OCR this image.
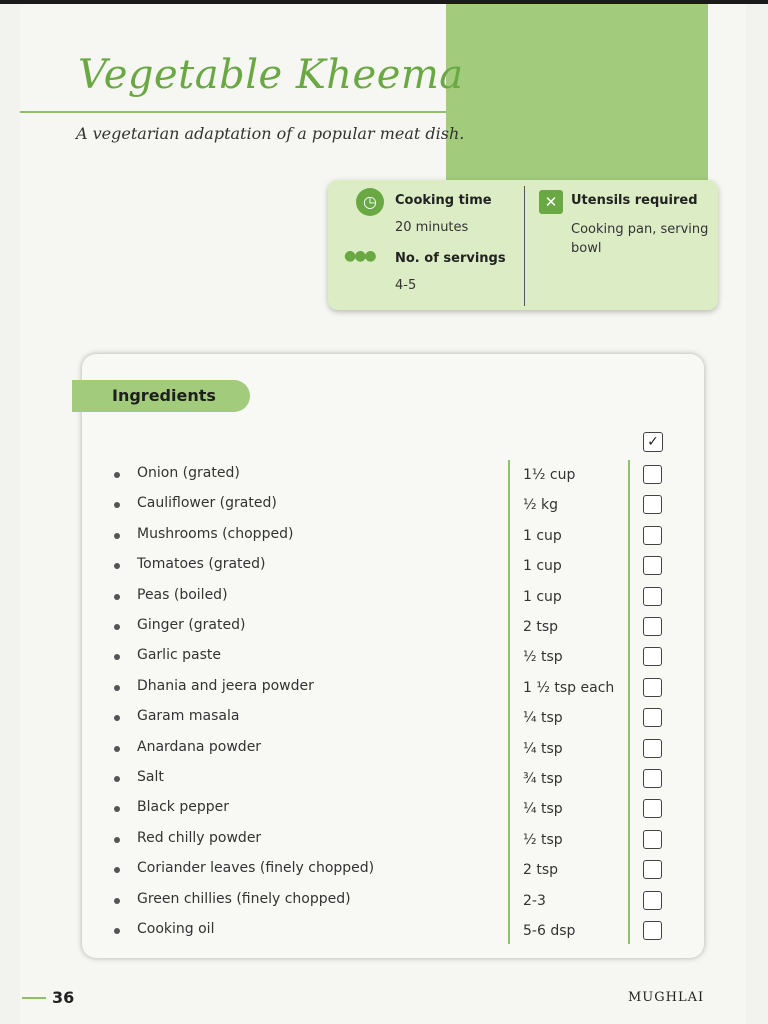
Vegetable Kheema
A vegetarian adaptation of a popular meat dish.
◷	Cooking time
20 minutes
●●● No. of servings
4-5
✕	Utensils required
Cooking pan, serving bowl
Ingredients
✓
Onion (grated)	1½ cup
Cauliflower (grated)	½ kg
Mushrooms (chopped)	1 cup
Tomatoes (grated)	1 cup
Peas (boiled)	1 cup
Ginger (grated)	2 tsp
Garlic paste	½ tsp
Dhania and jeera powder	1 ½ tsp each
Garam masala	¼ tsp
Anardana powder	¼ tsp
Salt	¾ tsp
Black pepper	¼ tsp
Red chilly powder	½ tsp
Coriander leaves (finely chopped)	2 tsp
Green chillies (finely chopped)	2-3
Cooking oil	5-6 dsp
36	MUGHLAI
